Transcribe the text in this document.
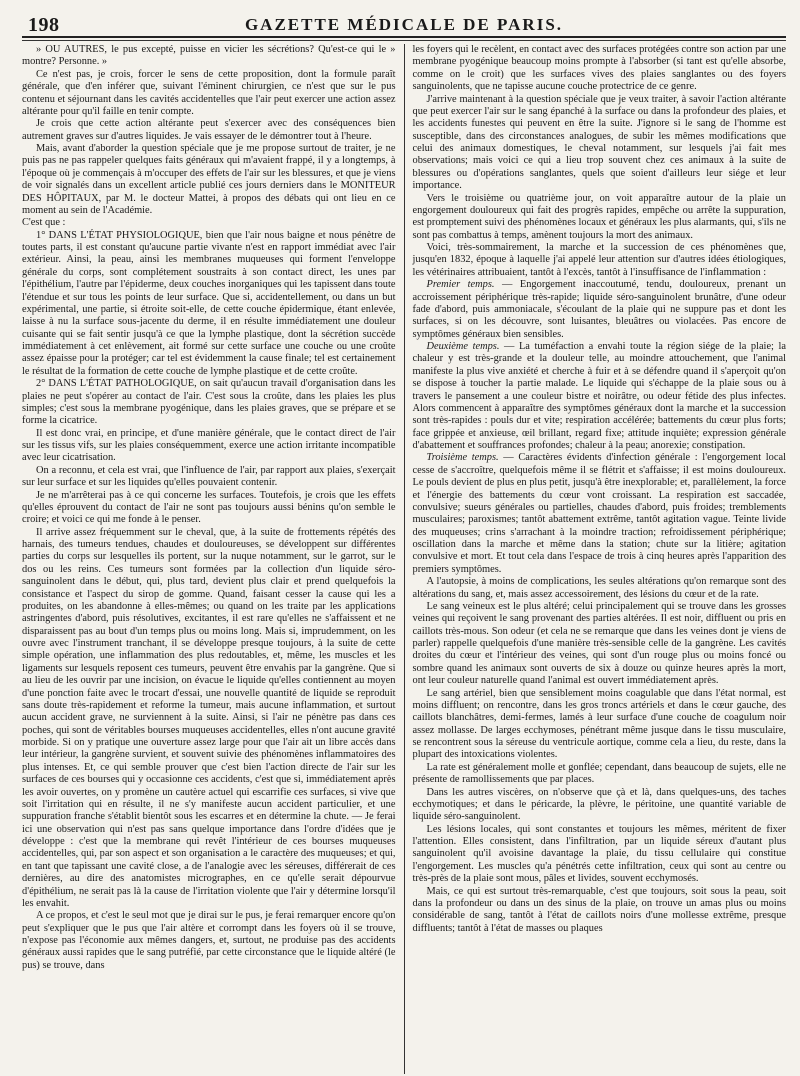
198	GAZETTE MÉDICALE DE PARIS.

» OU AUTRES, le pus excepté, puisse en vicier les sécrétions? Qu'est-ce qui le » montre? Personne. »

Ce n'est pas, je crois, forcer le sens de cette proposition, dont la formule paraît générale, que d'en inférer que, suivant l'éminent chirurgien, ce n'est que sur le pus contenu et séjournant dans les cavités accidentelles que l'air peut exercer une action assez altérante pour qu'il faille en tenir compte.

Je crois que cette action altérante peut s'exercer avec des conséquences bien autrement graves sur d'autres liquides. Je vais essayer de le démontrer tout à l'heure.

Mais, avant d'aborder la question spéciale que je me propose surtout de traiter, je ne puis pas ne pas rappeler quelques faits généraux qui m'avaient frappé, il y a longtemps, à l'époque où je commençais à m'occuper des effets de l'air sur les blessures, et que je viens de voir signalés dans un excellent article publié ces jours derniers dans le MONITEUR DES HÔPITAUX, par M. le docteur Mattei, à propos des débats qui ont lieu en ce moment au sein de l'Académie.

C'est que :

1° DANS L'ÉTAT PHYSIOLOGIQUE, bien que l'air nous baigne et nous pénètre de toutes parts, il est constant qu'aucune partie vivante n'est en rapport immédiat avec l'air extérieur. Ainsi, la peau, ainsi les membranes muqueuses qui forment l'enveloppe générale du corps, sont complétement soustraits à son contact direct, les unes par l'épithélium, l'autre par l'épiderme, deux couches inorganiques qui les tapissent dans toute l'étendue et sur tous les points de leur surface. Que si, accidentellement, ou dans un but expérimental, une partie, si étroite soit-elle, de cette couche épidermique, étant enlevée, laisse à nu la surface sous-jacente du derme, il en résulte immédiatement une douleur cuisante qui se fait sentir jusqu'à ce que la lymphe plastique, dont la sécrétion succède immédiatement à cet enlèvement, ait formé sur cette surface une couche ou une croûte assez épaisse pour la protéger; car tel est évidemment la cause finale; tel est certainement le résultat de la formation de cette couche de lymphe plastique et de cette croûte.

2° DANS L'ÉTAT PATHOLOGIQUE, on sait qu'aucun travail d'organisation dans les plaies ne peut s'opérer au contact de l'air. C'est sous la croûte, dans les plaies les plus simples; c'est sous la membrane pyogénique, dans les plaies graves, que se prépare et se forme la cicatrice.

Il est donc vrai, en principe, et d'une manière générale, que le contact direct de l'air sur les tissus vifs, sur les plaies conséquemment, exerce une action irritante incompatible avec leur cicatrisation.

On a reconnu, et cela est vrai, que l'influence de l'air, par rapport aux plaies, s'exerçait sur leur surface et sur les liquides qu'elles pouvaient contenir.

Je ne m'arrêterai pas à ce qui concerne les surfaces. Toutefois, je crois que les effets qu'elles éprouvent du contact de l'air ne sont pas toujours aussi bénins qu'on semble le croire; et voici ce qui me fonde à le penser.

Il arrive assez fréquemment sur le cheval, que, à la suite de frottements répétés des harnais, des tumeurs tendues, chaudes et douloureuses, se développent sur différentes parties du corps sur lesquelles ils portent, sur la nuque notamment, sur le garrot, sur le dos ou les reins. Ces tumeurs sont formées par la collection d'un liquide séro-sanguinolent dans le début, qui, plus tard, devient plus clair et prend quelquefois la consistance et l'aspect du sirop de gomme. Quand, faisant cesser la cause qui les a produites, on les abandonne à elles-mêmes; ou quand on les traite par les applications astringentes d'abord, puis résolutives, excitantes, il est rare qu'elles ne s'affaissent et ne disparaissent pas au bout d'un temps plus ou moins long. Mais si, imprudemment, on les ouvre avec l'instrument tranchant, il se développe presque toujours, à la suite de cette simple opération, une inflammation des plus redoutables, et, même, les muscles et les ligaments sur lesquels reposent ces tumeurs, peuvent être envahis par la gangrène. Que si au lieu de les ouvrir par une incision, on évacue le liquide qu'elles contiennent au moyen d'une ponction faite avec le trocart d'essai, une nouvelle quantité de liquide se reproduit sans doute très-rapidement et reforme la tumeur, mais aucune inflammation, et surtout aucun accident grave, ne surviennent à la suite. Ainsi, si l'air ne pénètre pas dans ces poches, qui sont de véritables bourses muqueuses accidentelles, elles n'ont aucune gravité morbide. Si on y pratique une ouverture assez large pour que l'air ait un libre accès dans leur intérieur, la gangrène survient, et souvent suivie des phénomènes inflammatoires des plus intenses. Et, ce qui semble prouver que c'est bien l'action directe de l'air sur les surfaces de ces bourses qui y occasionne ces accidents, c'est que si, immédiatement après les avoir ouvertes, on y promène un cautère actuel qui escarrifie ces surfaces, si vive que soit l'irritation qui en résulte, il ne s'y manifeste aucun accident particulier, et une suppuration franche s'établit bientôt sous les escarres et en détermine la chute. — Je ferai ici une observation qui n'est pas sans quelque importance dans l'ordre d'idées que je développe : c'est que la membrane qui revêt l'intérieur de ces bourses muqueuses accidentelles, qui, par son aspect et son organisation a le caractère des muqueuses; et qui, en tant que tapissant une cavité close, a de l'analogie avec les séreuses, différerait de ces dernières, au dire des anatomistes micrographes, en ce qu'elle serait dépourvue d'épithélium, ne serait pas là la cause de l'irritation violente que l'air y détermine lorsqu'il les envahit.

A ce propos, et c'est le seul mot que je dirai sur le pus, je ferai remarquer encore qu'on peut s'expliquer que le pus que l'air altère et corrompt dans les foyers où il se trouve, n'expose pas l'économie aux mêmes dangers, et, surtout, ne produise pas des accidents généraux aussi rapides que le sang putréfié, par cette circonstance que le liquide altéré (le pus) se trouve, dans

les foyers qui le recèlent, en contact avec des surfaces protégées contre son action par une membrane pyogénique beaucoup moins prompte à l'absorber (si tant est qu'elle absorbe, comme on le croit) que les surfaces vives des plaies sanglantes ou des foyers sanguinolents, que ne tapisse aucune couche protectrice de ce genre.

J'arrive maintenant à la question spéciale que je veux traiter, à savoir l'action altérante que peut exercer l'air sur le sang épanché à la surface ou dans la profondeur des plaies, et les accidents funestes qui peuvent en être la suite. J'ignore si le sang de l'homme est susceptible, dans des circonstances analogues, de subir les mêmes modifications que celui des animaux domestiques, le cheval notamment, sur lesquels j'ai fait mes observations; mais voici ce qui a lieu trop souvent chez ces animaux à la suite de blessures ou d'opérations sanglantes, quels que soient d'ailleurs leur siége et leur importance.

Vers le troisième ou quatrième jour, on voit apparaître autour de la plaie un engorgement douloureux qui fait des progrès rapides, empêche ou arrête la suppuration, est promptement suivi des phénomènes locaux et généraux les plus alarmants, qui, s'ils ne sont pas combattus à temps, amènent toujours la mort des animaux.

Voici, très-sommairement, la marche et la succession de ces phénomènes que, jusqu'en 1832, époque à laquelle j'ai appelé leur attention sur d'autres idées étiologiques, les vétérinaires attribuaient, tantôt à l'excès, tantôt à l'insuffisance de l'inflammation :

Premier temps. — Engorgement inaccoutumé, tendu, douloureux, prenant un accroissement périphérique très-rapide; liquide séro-sanguinolent brunâtre, d'une odeur fade d'abord, puis ammoniacale, s'écoulant de la plaie qui ne suppure pas et dont les surfaces, si on les découvre, sont luisantes, bleuâtres ou violacées. Pas encore de symptômes généraux bien sensibles.

Deuxième temps. — La tuméfaction a envahi toute la région siége de la plaie; la chaleur y est très-grande et la douleur telle, au moindre attouchement, que l'animal manifeste la plus vive anxiété et cherche à fuir et à se défendre quand il s'aperçoit qu'on se dispose à toucher la partie malade. Le liquide qui s'échappe de la plaie sous ou à travers le pansement a une couleur bistre et noirâtre, ou odeur fétide des plus infectes. Alors commencent à apparaître des symptômes généraux dont la marche et la succession sont très-rapides : pouls dur et vite; respiration accélérée; battements du cœur plus forts; face grippée et anxieuse, œil brillant, regard fixe; attitude inquiète; expression générale d'abattement et souffrances profondes; chaleur à la peau; anorexie; constipation.

Troisième temps. — Caractères évidents d'infection générale : l'engorgement local cesse de s'accroître, quelquefois même il se flétrit et s'affaisse; il est moins douloureux. Le pouls devient de plus en plus petit, jusqu'à être inexplorable; et, parallèlement, la force et l'énergie des battements du cœur vont croissant. La respiration est saccadée, convulsive; sueurs générales ou partielles, chaudes d'abord, puis froides; tremblements musculaires; paroxismes; tantôt abattement extrême, tantôt agitation vague. Teinte livide des muqueuses; crins s'arrachant à la moindre traction; refroidissement périphérique; oscillation dans la marche et même dans la station; chute sur la litière; agitation convulsive et mort. Et tout cela dans l'espace de trois à cinq heures après l'apparition des premiers symptômes.

A l'autopsie, à moins de complications, les seules altérations qu'on remarque sont des altérations du sang, et, mais assez accessoirement, des lésions du cœur et de la rate.

Le sang veineux est le plus altéré; celui principalement qui se trouve dans les grosses veines qui reçoivent le sang provenant des parties altérées. Il est noir, diffluent ou pris en caillots très-mous. Son odeur (et cela ne se remarque que dans les veines dont je viens de parler) rappelle quelquefois d'une manière très-sensible celle de la gangrène. Les cavités droites du cœur et l'intérieur des veines, qui sont d'un rouge plus ou moins foncé ou sombre quand les animaux sont ouverts de six à douze ou quinze heures après la mort, ont leur couleur naturelle quand l'animal est ouvert immédiatement après.

Le sang artériel, bien que sensiblement moins coagulable que dans l'état normal, est moins diffluent; on rencontre, dans les gros troncs artériels et dans le cœur gauche, des caillots blanchâtres, demi-fermes, lamés à leur surface d'une couche de coagulum noir assez mollasse. De larges ecchymoses, pénétrant même jusque dans le tissu musculaire, se rencontrent sous la séreuse du ventricule aortique, comme cela a lieu, du reste, dans la plupart des intoxications violentes.

La rate est généralement molle et gonflée; cependant, dans beaucoup de sujets, elle ne présente de ramollissements que par places.

Dans les autres viscères, on n'observe que çà et là, dans quelques-uns, des taches ecchymotiques; et dans le péricarde, la plèvre, le péritoine, une quantité variable de liquide séro-sanguinolent.

Les lésions locales, qui sont constantes et toujours les mêmes, méritent de fixer l'attention. Elles consistent, dans l'infiltration, par un liquide séreux d'autant plus sanguinolent qu'il avoisine davantage la plaie, du tissu cellulaire qui constitue l'engorgement. Les muscles qu'a pénétrés cette infiltration, ceux qui sont au centre ou très-près de la plaie sont mous, pâles et livides, souvent ecchymosés.

Mais, ce qui est surtout très-remarquable, c'est que toujours, soit sous la peau, soit dans la profondeur ou dans un des sinus de la plaie, on trouve un amas plus ou moins considérable de sang, tantôt à l'état de caillots noirs d'une mollesse extrême, presque diffluents; tantôt à l'état de masses ou plaques
